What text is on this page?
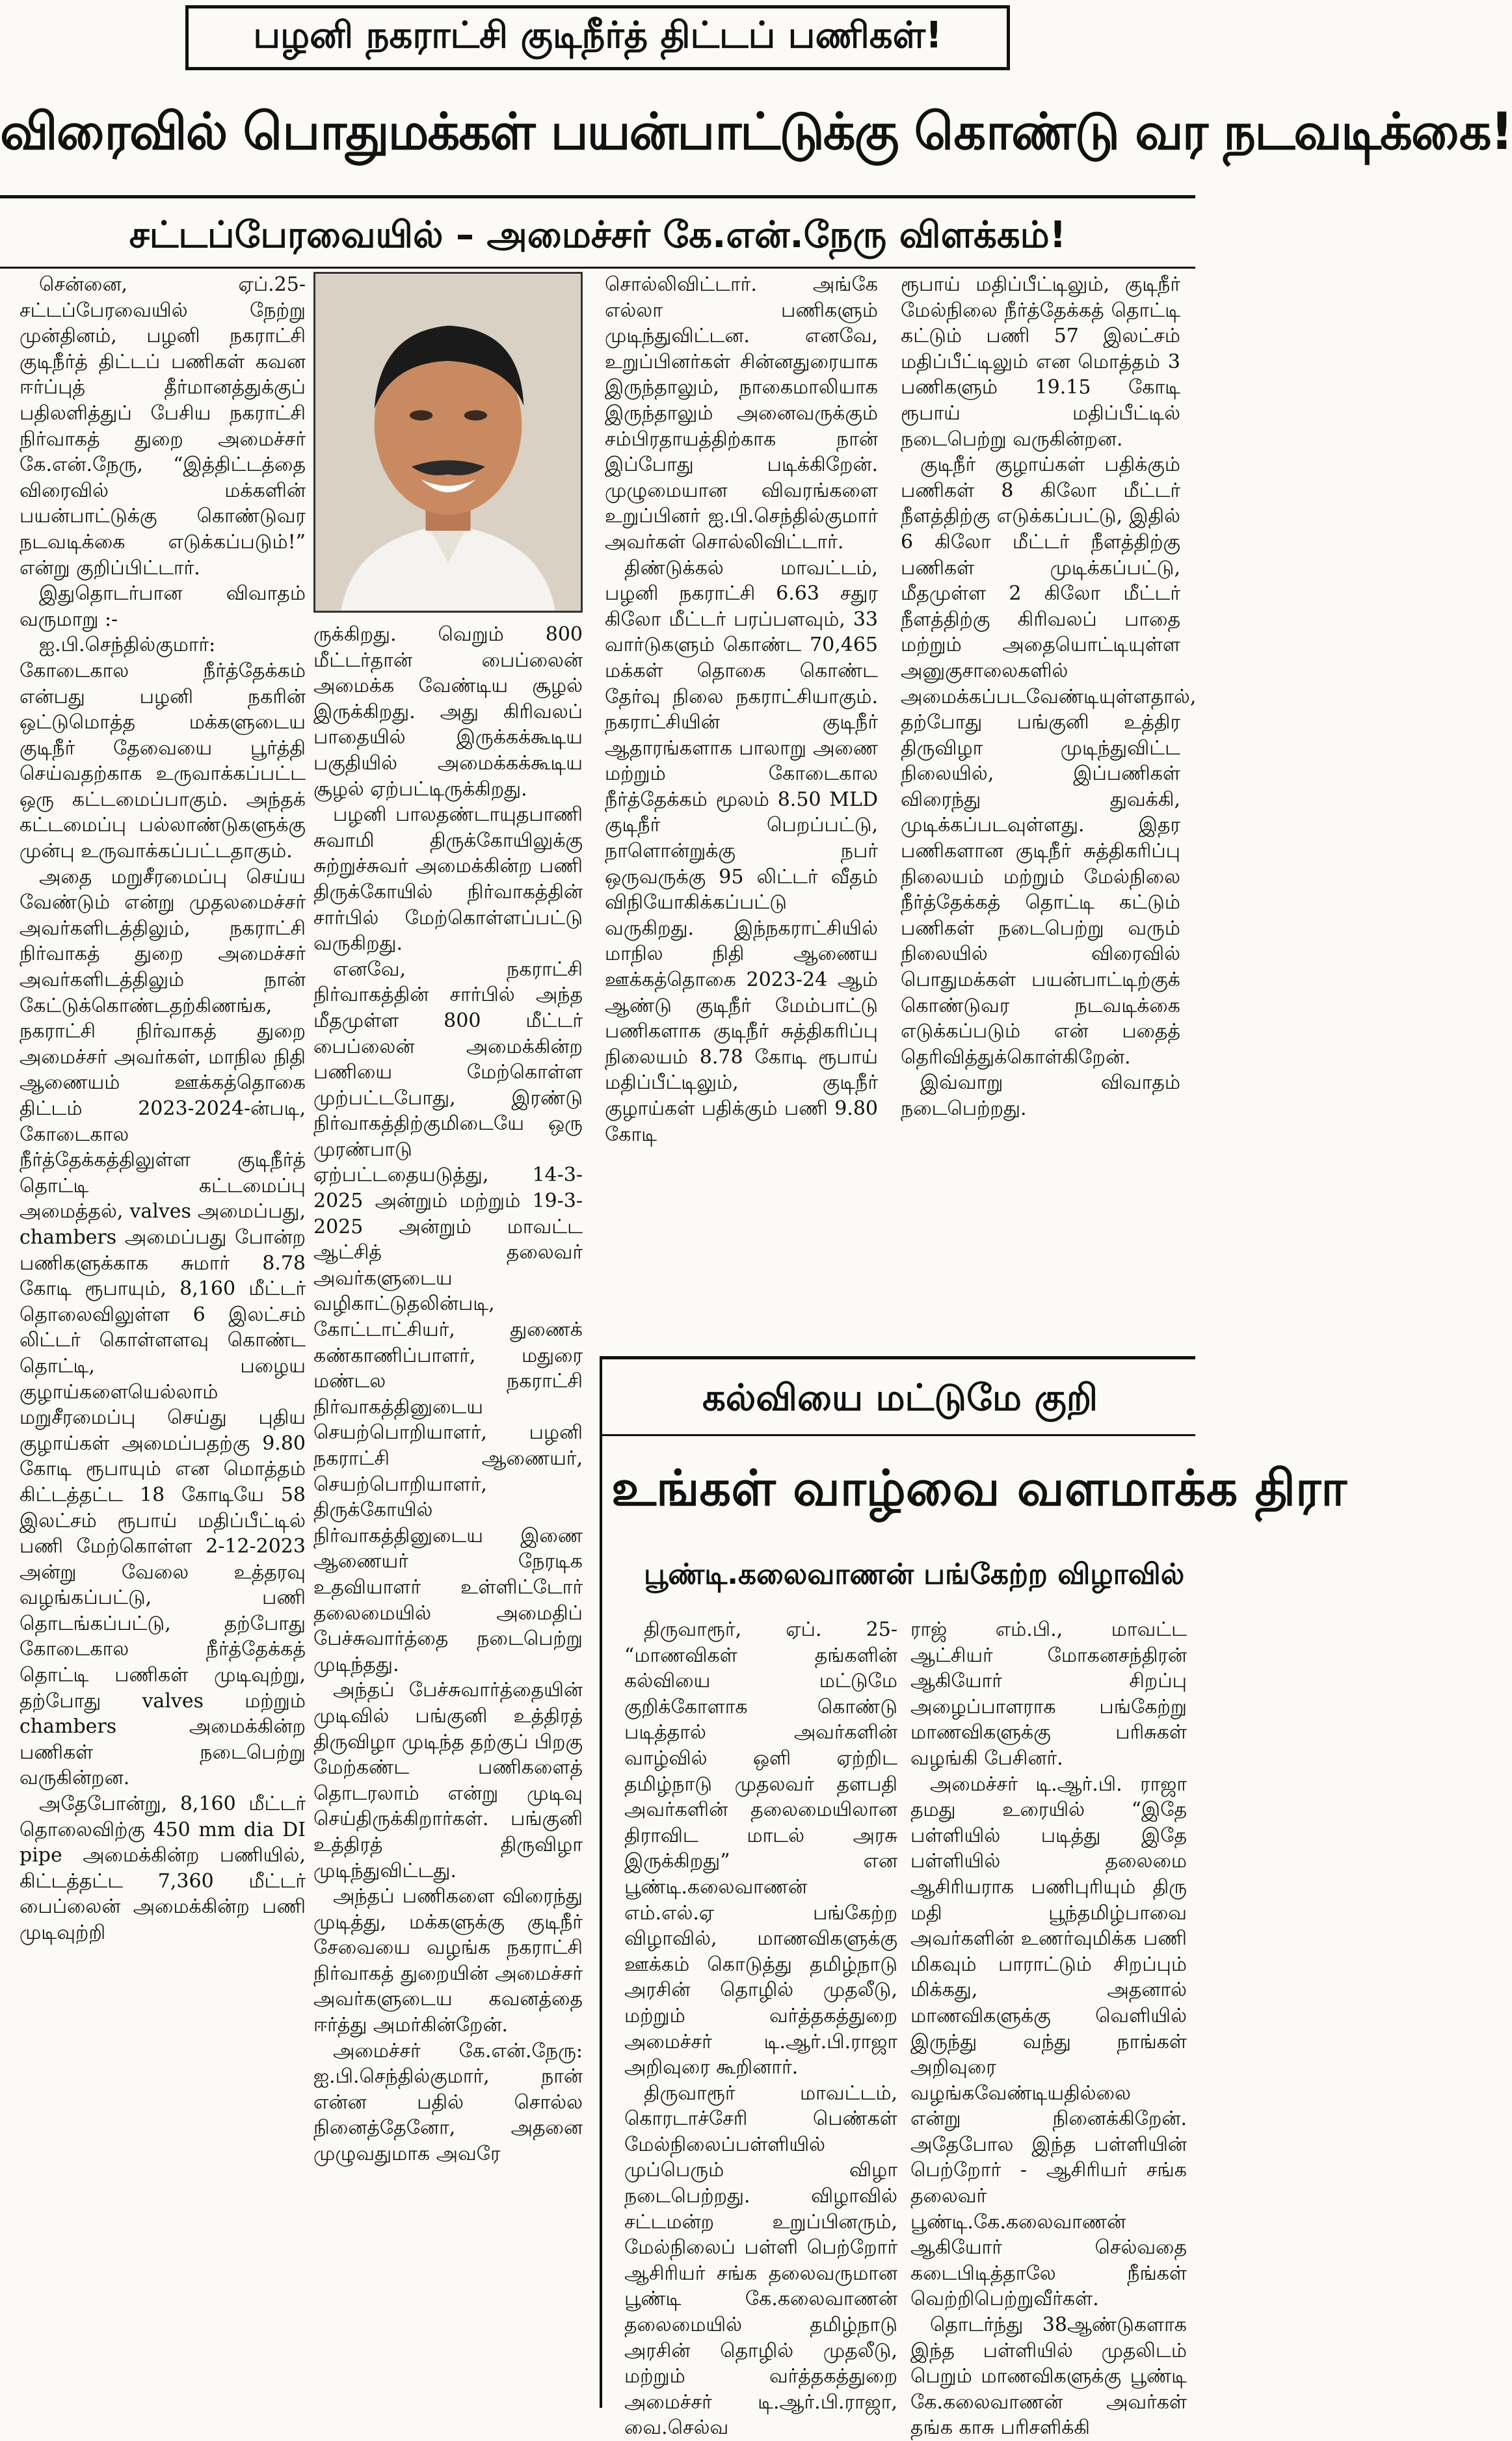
பழனி நகராட்சி குடிநீர்த் திட்டப் பணிகள்!
விரைவில் பொதுமக்கள் பயன்பாட்டுக்கு கொண்டு வர நடவடிக்கை!
சட்டப்பேரவையில் – அமைச்சர் கே.என்.நேரு விளக்கம்!

சென்னை, ஏப்.25- சட்டப்பேரவையில் நேற்று முன்தினம், பழனி நகராட்சி குடிநீர்த் திட்டப் பணிகள் கவன ஈர்ப்புத் தீர்மானத்துக்குப் பதிலளித்துப் பேசிய நகராட்சி நிர்வாகத் துறை அமைச்சர் கே.என்.நேரு, “இத்திட்டத்தை விரைவில் மக்களின் பயன்பாட்டுக்கு கொண்டுவர நடவடிக்கை எடுக்கப்படும்!” என்று குறிப்பிட்டார்.

இதுதொடர்பான விவாதம் வருமாறு :-

ஐ.பி.செந்தில்குமார்: கோடைகால நீர்த்தேக்கம் என்பது பழனி நகரின் ஒட்டுமொத்த மக்களுடைய குடிநீர் தேவையை பூர்த்தி செய்வதற்காக உருவாக்கப்பட்ட ஒரு கட்டமைப்பாகும். அந்தக் கட்டமைப்பு பல்லாண்டுகளுக்கு முன்பு உருவாக்கப்பட்டதாகும்.

அதை மறுசீரமைப்பு செய்ய வேண்டும் என்று முதலமைச்சர் அவர்களிடத்திலும், நகராட்சி நிர்வாகத் துறை அமைச்சர் அவர்களிடத்திலும் நான் கேட்டுக்கொண்டதற்கிணங்க, நகராட்சி நிர்வாகத் துறை அமைச்சர் அவர்கள், மாநில நிதி ஆணையம் ஊக்கத்தொகை திட்டம் 2023-2024-ன்படி, கோடைகால நீர்த்தேக்கத்திலுள்ள குடிநீர்த் தொட்டி கட்டமைப்பு அமைத்தல், valves அமைப்பது, chambers அமைப்பது போன்ற பணிகளுக்காக சுமார் 8.78 கோடி ரூபாயும், 8,160 மீட்டர் தொலைவிலுள்ள 6 இலட்சம் லிட்டர் கொள்ளளவு கொண்ட தொட்டி, பழைய குழாய்களையெல்லாம் மறுசீரமைப்பு செய்து புதிய குழாய்கள் அமைப்பதற்கு 9.80 கோடி ரூபாயும் என மொத்தம் கிட்டத்தட்ட 18 கோடியே 58 இலட்சம் ரூபாய் மதிப்பீட்டில் பணி மேற்கொள்ள 2-12-2023 அன்று வேலை உத்தரவு வழங்கப்பட்டு, பணி தொடங்கப்பட்டு, தற்போது கோடைகால நீர்த்தேக்கத் தொட்டி பணிகள் முடிவுற்று, தற்போது valves மற்றும் chambers அமைக்கின்ற பணிகள் நடைபெற்று வருகின்றன.

அதேபோன்று, 8,160 மீட்டர் தொலைவிற்கு 450 mm dia DI pipe அமைக்கின்ற பணியில், கிட்டத்தட்ட 7,360 மீட்டர் பைப்லைன் அமைக்கின்ற பணி முடிவுற்றி

ருக்கிறது. வெறும் 800 மீட்டர்தான் பைப்லைன் அமைக்க வேண்டிய சூழல் இருக்கிறது. அது கிரிவலப் பாதையில் இருக்கக்கூடிய பகுதியில் அமைக்கக்கூடிய சூழல் ஏற்பட்டிருக்கிறது.

பழனி பாலதண்டாயுதபாணி சுவாமி திருக்கோயிலுக்கு சுற்றுச்சுவர் அமைக்கின்ற பணி திருக்கோயில் நிர்வாகத்தின் சார்பில் மேற்கொள்ளப்பட்டு வருகிறது.

எனவே, நகராட்சி நிர்வாகத்தின் சார்பில் அந்த மீதமுள்ள 800 மீட்டர் பைப்லைன் அமைக்கின்ற பணியை மேற்கொள்ள முற்பட்டபோது, இரண்டு நிர்வாகத்திற்குமிடையே ஒரு முரண்பாடு ஏற்பட்டதையடுத்து, 14-3-2025 அன்றும் மற்றும் 19-3-2025 அன்றும் மாவட்ட ஆட்சித் தலைவர் அவர்களுடைய வழிகாட்டுதலின்படி, கோட்டாட்சியர், துணைக் கண்காணிப்பாளர், மதுரை மண்டல நகராட்சி நிர்வாகத்தினுடைய செயற்பொறியாளர், பழனி நகராட்சி ஆணையர், செயற்பொறியாளர், திருக்கோயில் நிர்வாகத்தினுடைய இணை ஆணையர் நேரடிக உதவியாளர் உள்ளிட்டோர் தலைமையில் அமைதிப் பேச்சுவார்த்தை நடைபெற்று முடிந்தது.

அந்தப் பேச்சுவார்த்தையின் முடிவில் பங்குனி உத்திரத் திருவிழா முடிந்த தற்குப் பிறகு மேற்கண்ட பணிகளைத் தொடரலாம் என்று முடிவு செய்திருக்கிறார்கள். பங்குனி உத்திரத் திருவிழா முடிந்துவிட்டது.

அந்தப் பணிகளை விரைந்து முடித்து, மக்களுக்கு குடிநீர் சேவையை வழங்க நகராட்சி நிர்வாகத் துறையின் அமைச்சர் அவர்களுடைய கவனத்தை ஈர்த்து அமர்கின்றேன்.

அமைச்சர் கே.என்.நேரு: ஐ.பி.செந்தில்குமார், நான் என்ன பதில் சொல்ல நினைத்தேனோ, அதனை முழுவதுமாக அவரே

சொல்லிவிட்டார். அங்கே எல்லா பணிகளும் முடிந்துவிட்டன. எனவே, உறுப்பினர்கள் சின்னதுரையாக இருந்தாலும், நாகைமாலியாக இருந்தாலும் அனைவருக்கும் சம்பிரதாயத்திற்காக நான் இப்போது படிக்கிறேன். முழுமையான விவரங்களை உறுப்பினர் ஐ.பி.செந்தில்குமார் அவர்கள் சொல்லிவிட்டார்.

திண்டுக்கல் மாவட்டம், பழனி நகராட்சி 6.63 சதுர கிலோ மீட்டர் பரப்பளவும், 33 வார்டுகளும் கொண்ட 70,465 மக்கள் தொகை கொண்ட தேர்வு நிலை நகராட்சியாகும். நகராட்சியின் குடிநீர் ஆதாரங்களாக பாலாறு அணை மற்றும் கோடைகால நீர்த்தேக்கம் மூலம் 8.50 MLD குடிநீர் பெறப்பட்டு, நாளொன்றுக்கு நபர் ஒருவருக்கு 95 லிட்டர் வீதம் விநியோகிக்கப்பட்டு வருகிறது. இந்நகராட்சியில் மாநில நிதி ஆணைய ஊக்கத்தொகை 2023-24 ஆம் ஆண்டு குடிநீர் மேம்பாட்டு பணிகளாக குடிநீர் சுத்திகரிப்பு நிலையம் 8.78 கோடி ரூபாய் மதிப்பீட்டிலும், குடிநீர் குழாய்கள் பதிக்கும் பணி 9.80 கோடி

ரூபாய் மதிப்பீட்டிலும், குடிநீர் மேல்நிலை நீர்த்தேக்கத் தொட்டி கட்டும் பணி 57 இலட்சம் மதிப்பீட்டிலும் என மொத்தம் 3 பணிகளும் 19.15 கோடி ரூபாய் மதிப்பீட்டில் நடைபெற்று வருகின்றன.

குடிநீர் குழாய்கள் பதிக்கும் பணிகள் 8 கிலோ மீட்டர் நீளத்திற்கு எடுக்கப்பட்டு, இதில் 6 கிலோ மீட்டர் நீளத்திற்கு பணிகள் முடிக்கப்பட்டு, மீதமுள்ள 2 கிலோ மீட்டர் நீளத்திற்கு கிரிவலப் பாதை மற்றும் அதையொட்டியுள்ள அனுகுசாலைகளில் அமைக்கப்படவேண்டியுள்ளதால், தற்போது பங்குனி உத்திர திருவிழா முடிந்துவிட்ட நிலையில், இப்பணிகள் விரைந்து துவக்கி, முடிக்கப்படவுள்ளது. இதர பணிகளான குடிநீர் சுத்திகரிப்பு நிலையம் மற்றும் மேல்நிலை நீர்த்தேக்கத் தொட்டி கட்டும் பணிகள் நடைபெற்று வரும் நிலையில் விரைவில் பொதுமக்கள் பயன்பாட்டிற்குக் கொண்டுவர நடவடிக்கை எடுக்கப்படும் என் பதைத் தெரிவித்துக்கொள்கிறேன்.

இவ்வாறு விவாதம் நடைபெற்றது.

கல்வியை மட்டுமே குறி
உங்கள் வாழ்வை வளமாக்க திரா
பூண்டி.கலைவாணன் பங்கேற்ற விழாவில்

திருவாரூர், ஏப். 25- “மாணவிகள் தங்களின் கல்வியை மட்டுமே குறிக்கோளாக கொண்டு படித்தால் அவர்களின் வாழ்வில் ஒளி ஏற்றிட தமிழ்நாடு முதலவர் தளபதி அவர்களின் தலைமையிலான திராவிட மாடல் அரசு இருக்கிறது” என பூண்டி.கலைவாணன் எம்.எல்.ஏ பங்கேற்ற விழாவில், மாணவிகளுக்கு ஊக்கம் கொடுத்து தமிழ்நாடு அரசின் தொழில் முதலீடு, மற்றும் வர்த்தகத்துறை அமைச்சர் டி.ஆர்.பி.ராஜா அறிவுரை கூறினார்.

திருவாரூர் மாவட்டம், கொரடாச்சேரி பெண்கள் மேல்நிலைப்பள்ளியில் முப்பெரும் விழா நடைபெற்றது. விழாவில் சட்டமன்ற உறுப்பினரும், மேல்நிலைப் பள்ளி பெற்றோர் ஆசிரியர் சங்க தலைவருமான பூண்டி கே.கலைவாணன் தலைமையில் தமிழ்நாடு அரசின் தொழில் முதலீடு, மற்றும் வர்த்தகத்துறை அமைச்சர் டி.ஆர்.பி.ராஜா, வை.செல்வ

ராஜ் எம்.பி., மாவட்ட ஆட்சியர் மோகனசந்திரன் ஆகியோர் சிறப்பு அழைப்பாளராக பங்கேற்று மாணவிகளுக்கு பரிசுகள் வழங்கி பேசினர்.

அமைச்சர் டி.ஆர்.பி. ராஜா தமது உரையில் “இதே பள்ளியில் படித்து இதே பள்ளியில் தலைமை ஆசிரியராக பணிபுரியும் திரு மதி பூந்தமிழ்பாவை அவர்களின் உணர்வுமிக்க பணி மிகவும் பாராட்டும் சிறப்பும் மிக்கது, அதனால் மாணவிகளுக்கு வெளியில் இருந்து வந்து நாங்கள் அறிவுரை வழங்கவேண்டியதில்லை என்று நினைக்கிறேன். அதேபோல இந்த பள்ளியின் பெற்றோர் - ஆசிரியர் சங்க தலைவர் பூண்டி.கே.கலைவாணன் ஆகியோர் செல்வதை கடைபிடித்தாலே நீங்கள் வெற்றிபெற்றுவீர்கள்.

தொடர்ந்து 38ஆண்டுகளாக இந்த பள்ளியில் முதலிடம் பெறும் மாணவிகளுக்கு பூண்டி கே.கலைவாணன் அவர்கள் தங்க காசு பரிசளிக்கி
